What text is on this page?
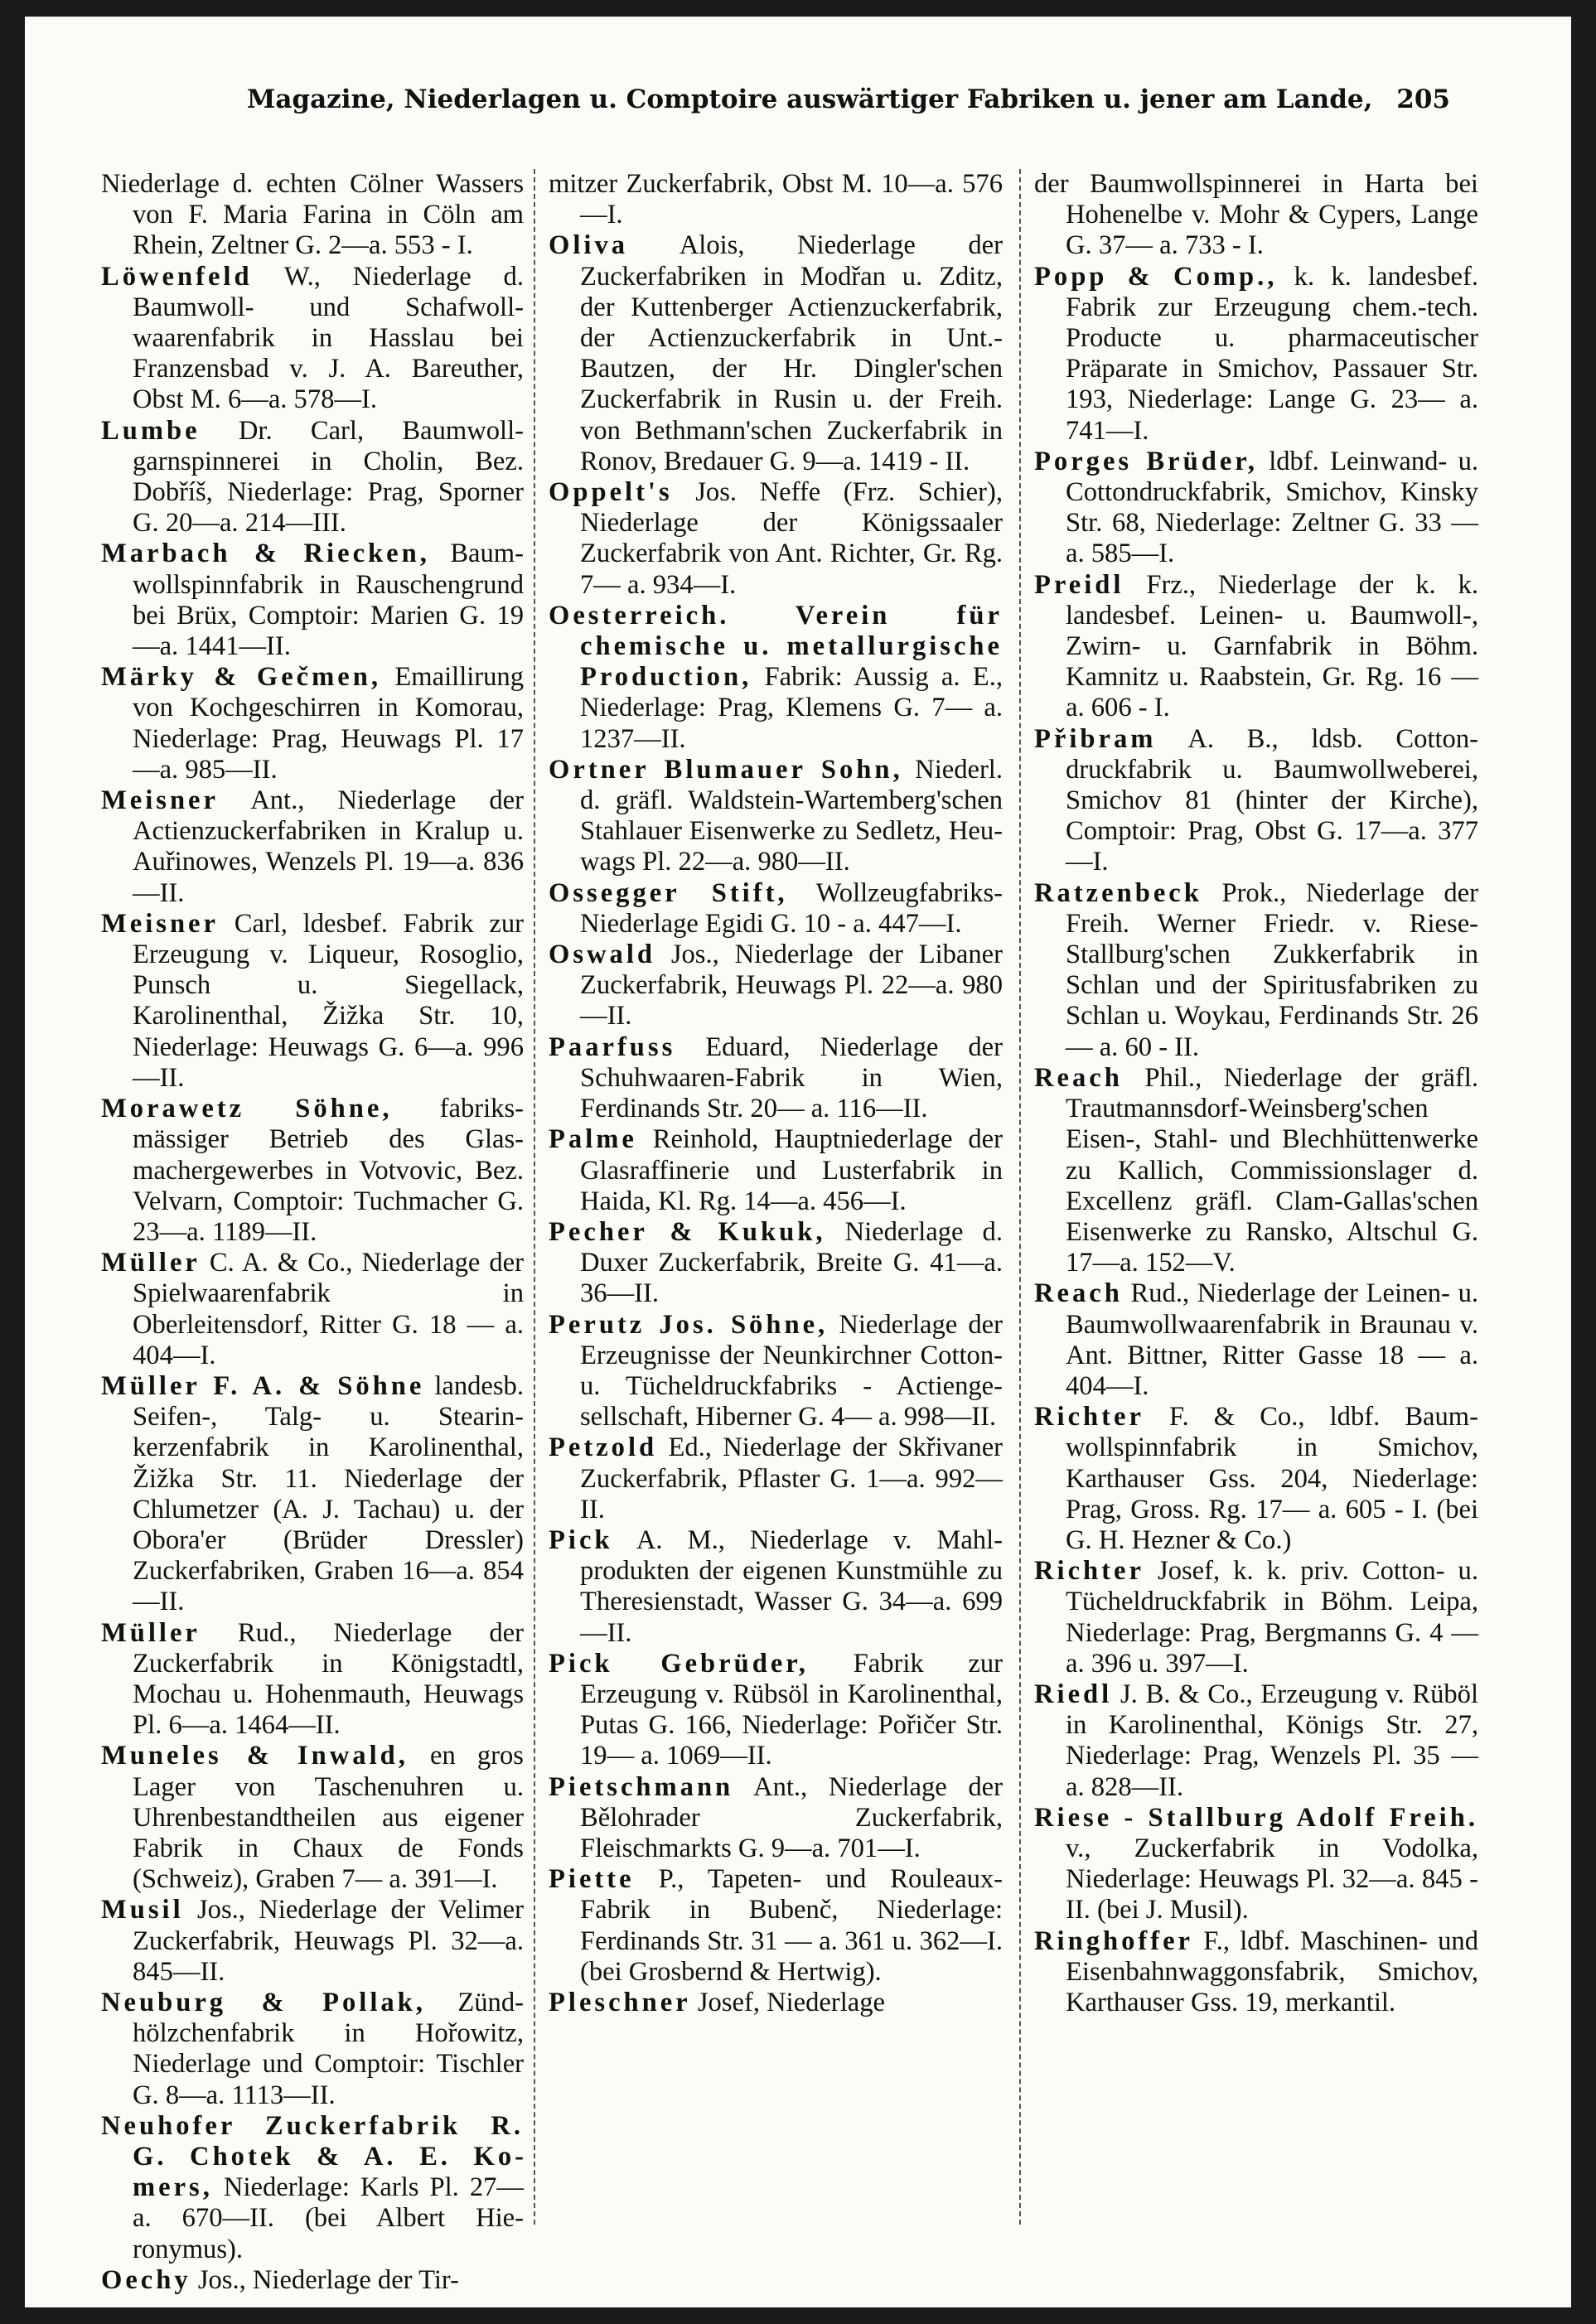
Magazine, Niederlagen u. Comptoire auswärtiger Fabriken u. jener am Lande, 205

Niederlage d. echten Cölner Wassers von F. Maria Farina in Cöln am Rhein, Zeltner G. 2—a. 553 - I.

Löwenfeld W., Niederlage d. Baumwoll- und Schafwollwaarenfabrik in Hasslau bei Franzensbad v. J. A. Bareuther, Obst M. 6—a. 578—I.

Lumbe Dr. Carl, Baumwollgarnspinnerei in Cholin, Bez. Dobříš, Niederlage: Prag, Sporner G. 20—a. 214—III.

Marbach & Riecken, Baumwollspinnfabrik in Rauschengrund bei Brüx, Comptoir: Marien G. 19—a. 1441—II.

Märky & Gečmen, Emaillirung von Kochgeschirren in Komorau, Niederlage: Prag, Heuwags Pl. 17—a. 985—II.

Meisner Ant., Niederlage der Actienzuckerfabriken in Kralup u. Auřinowes, Wenzels Pl. 19—a. 836—II.

Meisner Carl, ldesbef. Fabrik zur Erzeugung v. Liqueur, Rosoglio, Punsch u. Siegellack, Karolinenthal, Žižka Str. 10, Niederlage: Heuwags G. 6—a. 996—II.

Morawetz Söhne, fabriksmässiger Betrieb des Glasmachergewerbes in Votvovic, Bez. Velvarn, Comptoir: Tuchmacher G. 23—a. 1189—II.

Müller C. A. & Co., Niederlage der Spielwaarenfabrik in Oberleitensdorf, Ritter G. 18 — a. 404—I.

Müller F. A. & Söhne landesb. Seifen-, Talg- u. Stearinkerzenfabrik in Karolinenthal, Žižka Str. 11. Niederlage der Chlumetzer (A. J. Tachau) u. der Obora'er (Brüder Dressler) Zuckerfabriken, Graben 16—a. 854—II.

Müller Rud., Niederlage der Zuckerfabrik in Königstadtl, Mochau u. Hohenmauth, Heuwags Pl. 6—a. 1464—II.

Muneles & Inwald, en gros Lager von Taschenuhren u. Uhrenbestandtheilen aus eigener Fabrik in Chaux de Fonds (Schweiz), Graben 7— a. 391—I.

Musil Jos., Niederlage der Velimer Zuckerfabrik, Heuwags Pl. 32—a. 845—II.

Neuburg & Pollak, Zündhölzchenfabrik in Hořowitz, Niederlage und Comptoir: Tischler G. 8—a. 1113—II.

Neuhofer Zuckerfabrik R. G. Chotek & A. E. Komers, Niederlage: Karls Pl. 27—a. 670—II. (bei Albert Hieronymus).

Oechy Jos., Niederlage der Tir-

mitzer Zuckerfabrik, Obst M. 10—a. 576—I.

Oliva Alois, Niederlage der Zuckerfabriken in Modřan u. Zditz, der Kuttenberger Actienzuckerfabrik, der Actienzuckerfabrik in Unt.-Bautzen, der Hr. Dingler'schen Zuckerfabrik in Rusin u. der Freih. von Bethmann'schen Zuckerfabrik in Ronov, Bredauer G. 9—a. 1419 - II.

Oppelt's Jos. Neffe (Frz. Schier), Niederlage der Königssaaler Zuckerfabrik von Ant. Richter, Gr. Rg. 7— a. 934—I.

Oesterreich. Verein für chemische u. metallurgische Production, Fabrik: Aussig a. E., Niederlage: Prag, Klemens G. 7— a. 1237—II.

Ortner Blumauer Sohn, Niederl. d. gräfl. Waldstein-Wartemberg'schen Stahlauer Eisenwerke zu Sedletz, Heuwags Pl. 22—a. 980—II.

Ossegger Stift, Wollzeugfabriks-Niederlage Egidi G. 10 - a. 447—I.

Oswald Jos., Niederlage der Libaner Zuckerfabrik, Heuwags Pl. 22—a. 980—II.

Paarfuss Eduard, Niederlage der Schuhwaaren-Fabrik in Wien, Ferdinands Str. 20— a. 116—II.

Palme Reinhold, Hauptniederlage der Glasraffinerie und Lusterfabrik in Haida, Kl. Rg. 14—a. 456—I.

Pecher & Kukuk, Niederlage d. Duxer Zuckerfabrik, Breite G. 41—a. 36—II.

Perutz Jos. Söhne, Niederlage der Erzeugnisse der Neunkirchner Cotton- u. Tücheldruckfabriks - Actiengesellschaft, Hiberner G. 4— a. 998—II.

Petzold Ed., Niederlage der Skřivaner Zuckerfabrik, Pflaster G. 1—a. 992—II.

Pick A. M., Niederlage v. Mahlprodukten der eigenen Kunstmühle zu Theresienstadt, Wasser G. 34—a. 699—II.

Pick Gebrüder, Fabrik zur Erzeugung v. Rübsöl in Karolinenthal, Putas G. 166, Niederlage: Pořičer Str. 19— a. 1069—II.

Pietschmann Ant., Niederlage der Bělohrader Zuckerfabrik, Fleischmarkts G. 9—a. 701—I.

Piette P., Tapeten- und Rouleaux-Fabrik in Bubenč, Niederlage: Ferdinands Str. 31 — a. 361 u. 362—I. (bei Grosbernd & Hertwig).

Pleschner Josef, Niederlage

der Baumwollspinnerei in Harta bei Hohenelbe v. Mohr & Cypers, Lange G. 37— a. 733 - I.

Popp & Comp., k. k. landesbef. Fabrik zur Erzeugung chem.-tech. Producte u. pharmaceutischer Präparate in Smichov, Passauer Str. 193, Niederlage: Lange G. 23— a. 741—I.

Porges Brüder, ldbf. Leinwand- u. Cottondruckfabrik, Smichov, Kinsky Str. 68, Niederlage: Zeltner G. 33 — a. 585—I.

Preidl Frz., Niederlage der k. k. landesbef. Leinen- u. Baumwoll-, Zwirn- u. Garnfabrik in Böhm. Kamnitz u. Raabstein, Gr. Rg. 16 — a. 606 - I.

Přibram A. B., ldsb. Cottondruckfabrik u. Baumwollweberei, Smichov 81 (hinter der Kirche), Comptoir: Prag, Obst G. 17—a. 377—I.

Ratzenbeck Prok., Niederlage der Freih. Werner Friedr. v. Riese-Stallburg'schen Zukkerfabrik in Schlan und der Spiritusfabriken zu Schlan u. Woykau, Ferdinands Str. 26— a. 60 - II.

Reach Phil., Niederlage der gräfl. Trautmannsdorf-Weinsberg'schen Eisen-, Stahl- und Blechhüttenwerke zu Kallich, Commissionslager d. Excellenz gräfl. Clam-Gallas'schen Eisenwerke zu Ransko, Altschul G. 17—a. 152—V.

Reach Rud., Niederlage der Leinen- u. Baumwollwaarenfabrik in Braunau v. Ant. Bittner, Ritter Gasse 18 — a. 404—I.

Richter F. & Co., ldbf. Baumwollspinnfabrik in Smichov, Karthauser Gss. 204, Niederlage: Prag, Gross. Rg. 17— a. 605 - I. (bei G. H. Hezner & Co.)

Richter Josef, k. k. priv. Cotton- u. Tücheldruckfabrik in Böhm. Leipa, Niederlage: Prag, Bergmanns G. 4 — a. 396 u. 397—I.

Riedl J. B. & Co., Erzeugung v. Rüböl in Karolinenthal, Königs Str. 27, Niederlage: Prag, Wenzels Pl. 35 — a. 828—II.

Riese - Stallburg Adolf Freih. v., Zuckerfabrik in Vodolka, Niederlage: Heuwags Pl. 32—a. 845 - II. (bei J. Musil).

Ringhoffer F., ldbf. Maschinen- und Eisenbahnwaggonsfabrik, Smichov, Karthauser Gss. 19, merkantil.
